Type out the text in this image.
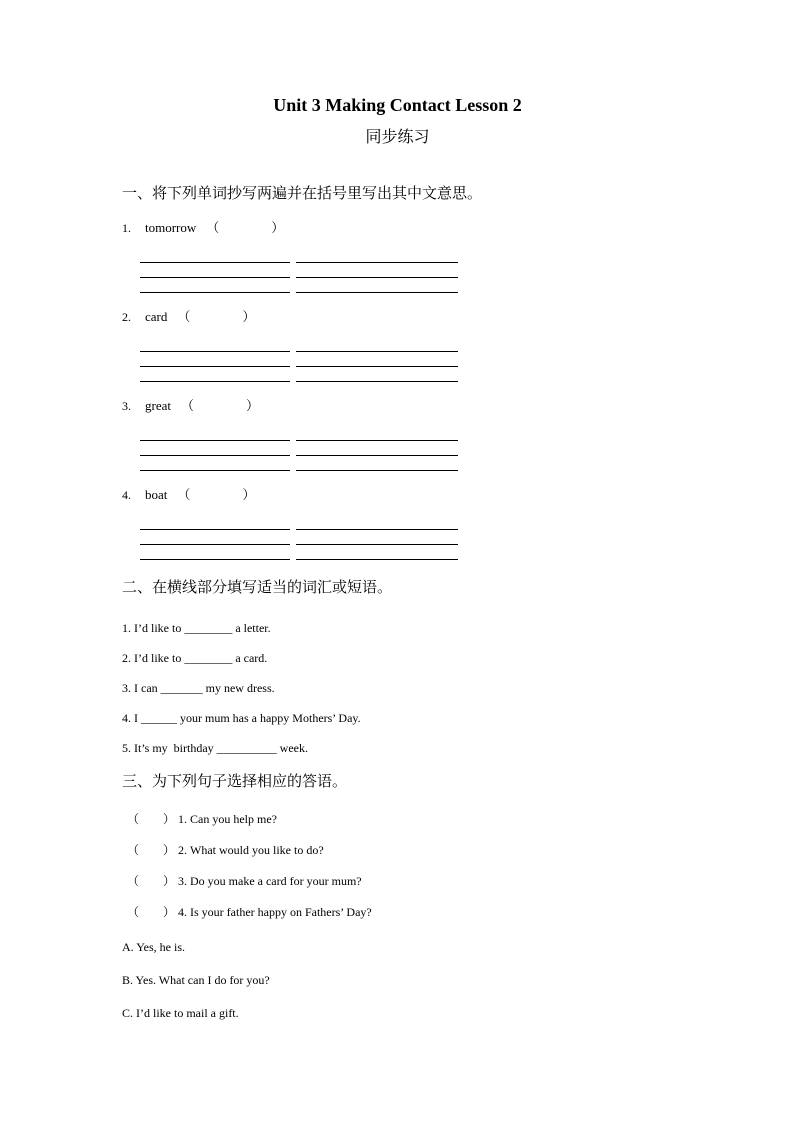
Unit 3 Making Contact Lesson 2
同步练习
一、将下列单词抄写两遍并在括号里写出其中文意思。
1.	tomorrow （　　　　）
2.	card （　　　　）
3.	great （　　　　）
4.	boat （　　　　）
二、在横线部分填写适当的词汇或短语。

1. I’d like to ________ a letter.

2. I’d like to ________ a card.

3. I can _______ my new dress.

4. I ______ your mum has a happy Mothers’ Day.

5. It’s my  birthday __________ week.

三、为下列句子选择相应的答语。

（　　） 1. Can you help me?

（　　） 2. What would you like to do?

（　　） 3. Do you make a card for your mum?

（　　） 4. Is your father happy on Fathers’ Day?

A. Yes, he is.

B. Yes. What can I do for you?

C. I’d like to mail a gift.
